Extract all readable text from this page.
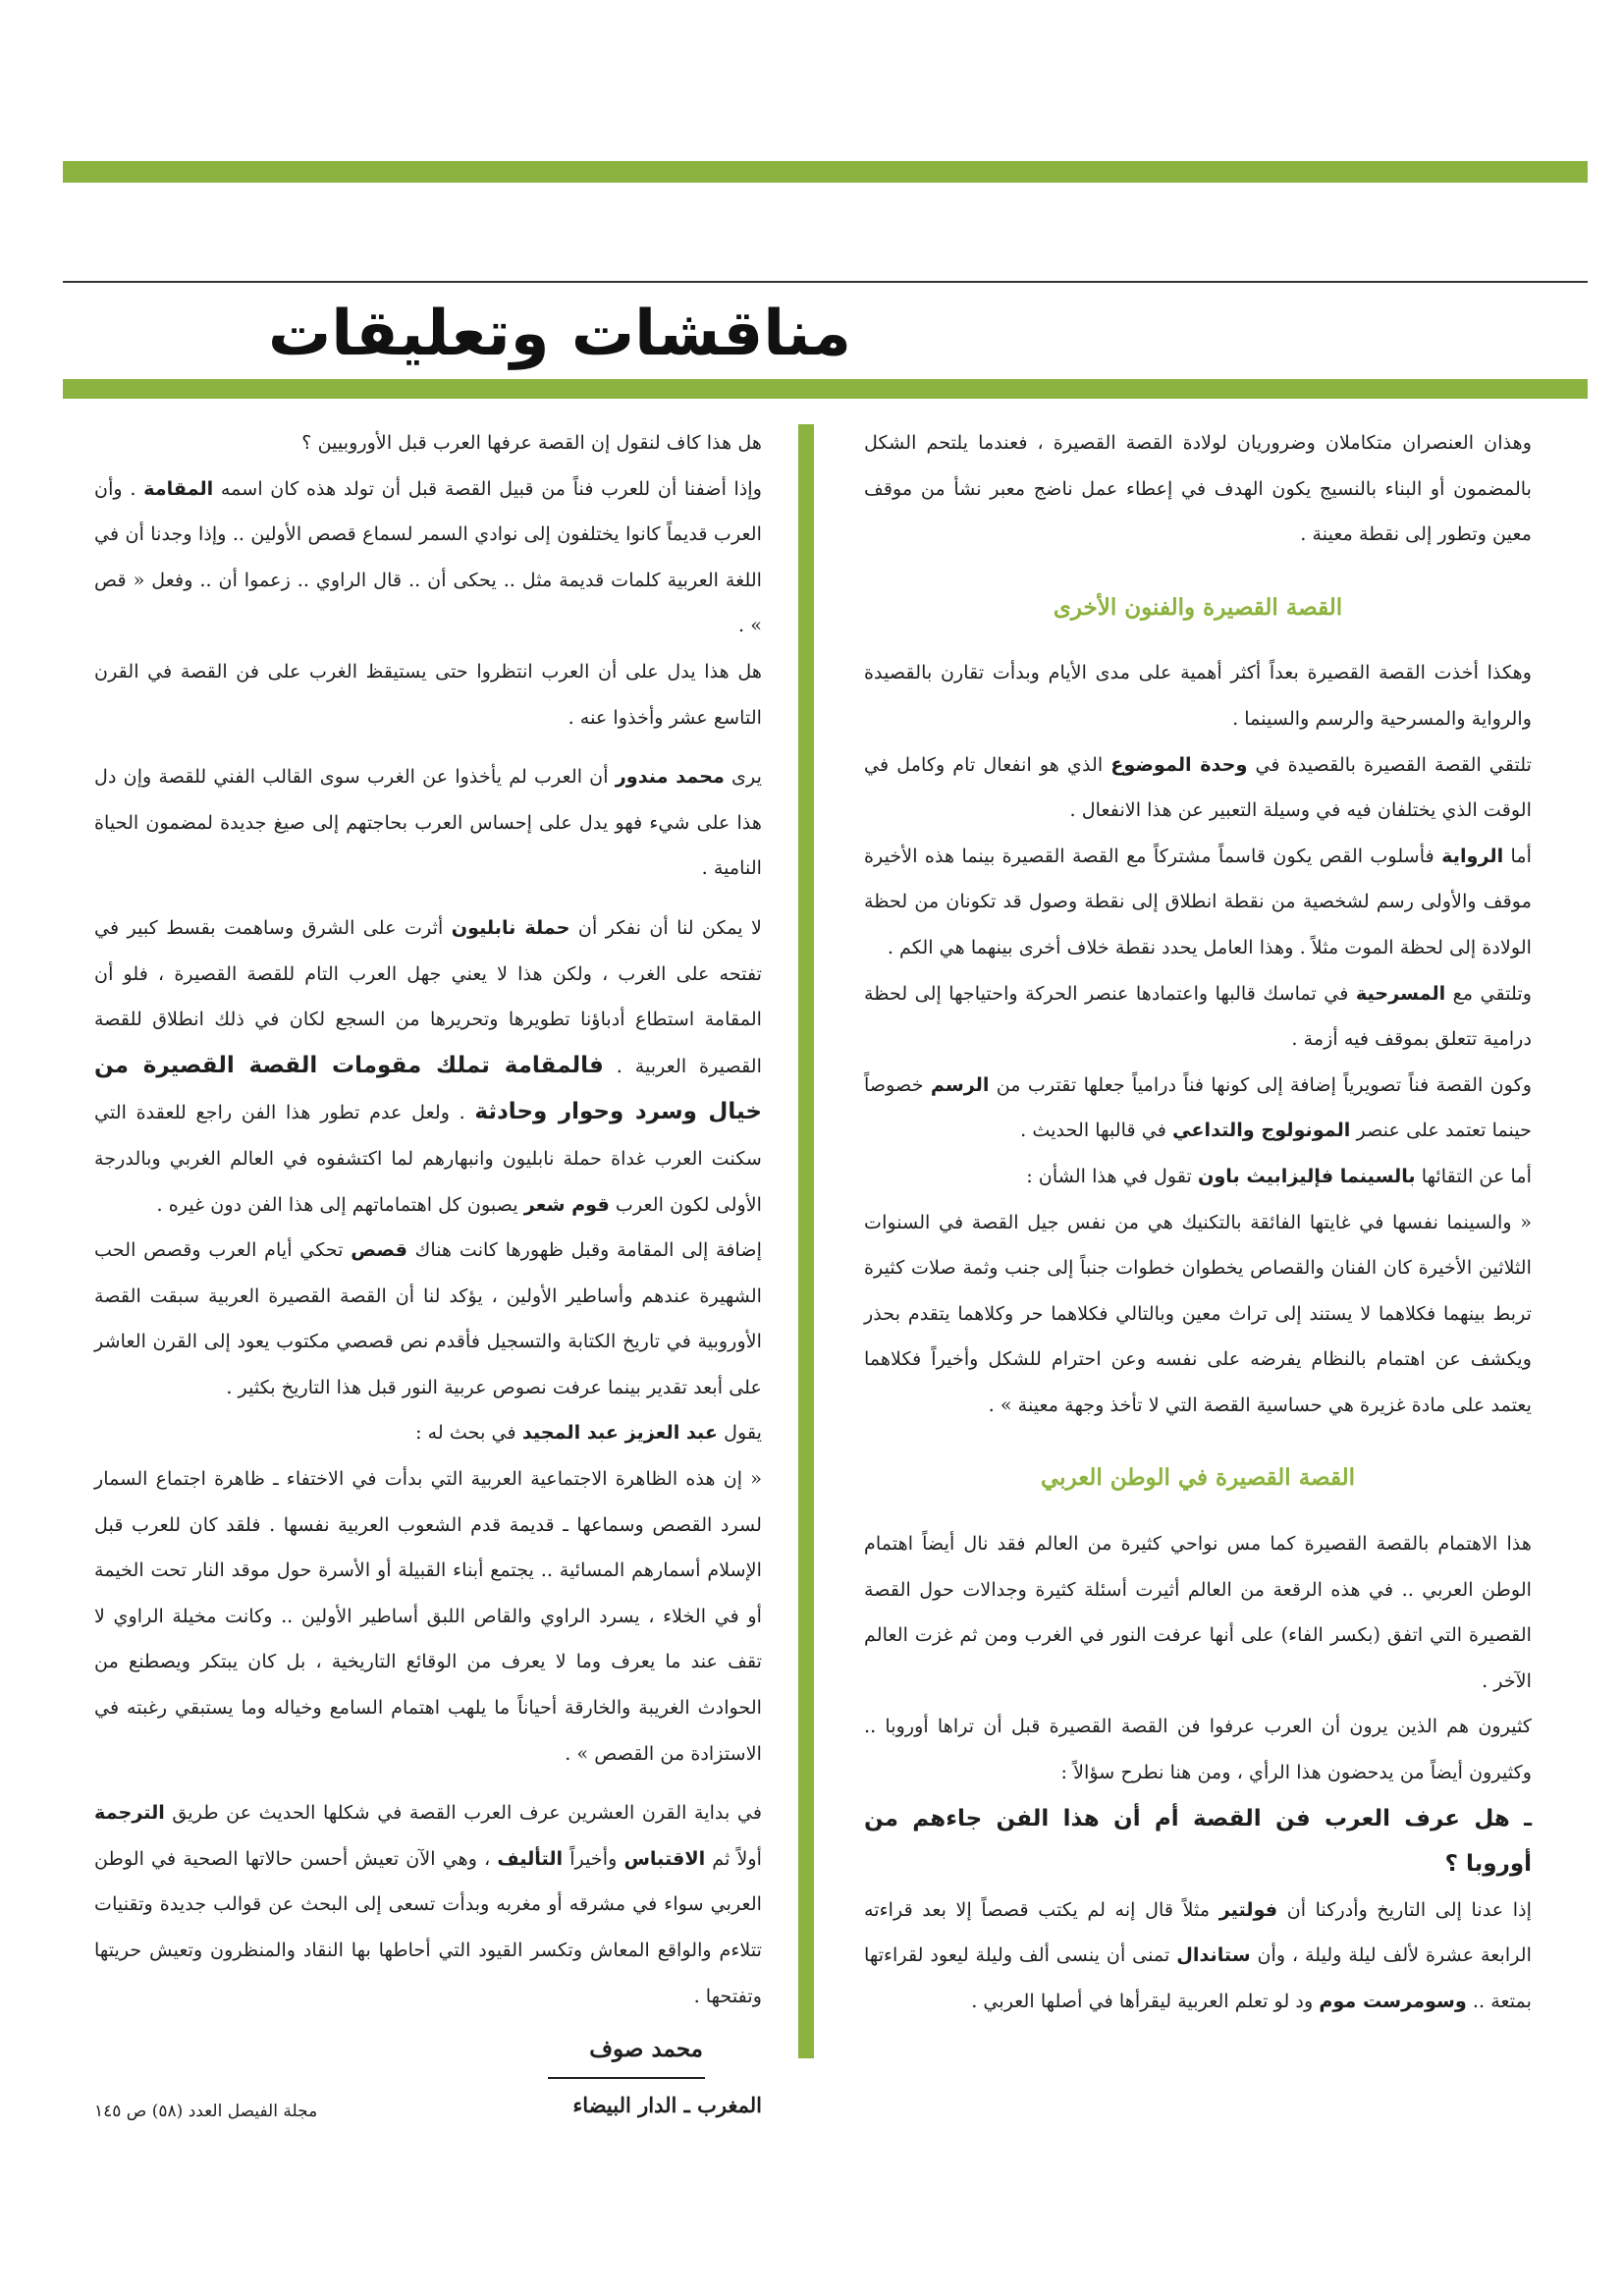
مناقشات وتعليقات

وهذان العنصران متكاملان وضروريان لولادة القصة القصيرة ، فعندما يلتحم الشكل بالمضمون أو البناء بالنسيج يكون الهدف في إعطاء عمل ناضج معبر نشأ من موقف معين وتطور إلى نقطة معينة .

القصة القصيرة والفنون الأخرى

وهكذا أخذت القصة القصيرة بعداً أكثر أهمية على مدى الأيام وبدأت تقارن بالقصيدة والرواية والمسرحية والرسم والسينما .

تلتقي القصة القصيرة بالقصيدة في وحدة الموضوع الذي هو انفعال تام وكامل في الوقت الذي يختلفان فيه في وسيلة التعبير عن هذا الانفعال .

أما الرواية فأسلوب القص يكون قاسماً مشتركاً مع القصة القصيرة بينما هذه الأخيرة موقف والأولى رسم لشخصية من نقطة انطلاق إلى نقطة وصول قد تكونان من لحظة الولادة إلى لحظة الموت مثلاً . وهذا العامل يحدد نقطة خلاف أخرى بينهما هي الكم .

وتلتقي مع المسرحية في تماسك قالبها واعتمادها عنصر الحركة واحتياجها إلى لحظة درامية تتعلق بموقف فيه أزمة .

وكون القصة فناً تصويرياً إضافة إلى كونها فناً درامياً جعلها تقترب من الرسم خصوصاً حينما تعتمد على عنصر المونولوج والتداعي في قالبها الحديث .

أما عن التقائها بالسينما فإليزابيث باون تقول في هذا الشأن :

« والسينما نفسها في غايتها الفائقة بالتكنيك هي من نفس جيل القصة في السنوات الثلاثين الأخيرة كان الفنان والقصاص يخطوان خطوات جنباً إلى جنب وثمة صلات كثيرة تربط بينهما فكلاهما لا يستند إلى تراث معين وبالتالي فكلاهما حر وكلاهما يتقدم بحذر ويكشف عن اهتمام بالنظام يفرضه على نفسه وعن احترام للشكل وأخيراً فكلاهما يعتمد على مادة غزيرة هي حساسية القصة التي لا تأخذ وجهة معينة » .

القصة القصيرة في الوطن العربي

هذا الاهتمام بالقصة القصيرة كما مس نواحي كثيرة من العالم فقد نال أيضاً اهتمام الوطن العربي .. في هذه الرقعة من العالم أثيرت أسئلة كثيرة وجدالات حول القصة القصيرة التي اتفق (بكسر الفاء) على أنها عرفت النور في الغرب ومن ثم غزت العالم الآخر .

كثيرون هم الذين يرون أن العرب عرفوا فن القصة القصيرة قبل أن تراها أوروبا .. وكثيرون أيضاً من يدحضون هذا الرأي ، ومن هنا نطرح سؤالاً :

ـ هل عرف العرب فن القصة أم أن هذا الفن جاءهم من أوروبا ؟

إذا عدنا إلى التاريخ وأدركنا أن فولتير مثلاً قال إنه لم يكتب قصصاً إلا بعد قراءته الرابعة عشرة لألف ليلة وليلة ، وأن ستاندال تمنى أن ينسى ألف وليلة ليعود لقراءتها بمتعة .. وسومرست موم ود لو تعلم العربية ليقرأها في أصلها العربي .

هل هذا كاف لنقول إن القصة عرفها العرب قبل الأوروبيين ؟

وإذا أضفنا أن للعرب فناً من قبيل القصة قبل أن تولد هذه كان اسمه المقامة . وأن العرب قديماً كانوا يختلفون إلى نوادي السمر لسماع قصص الأولين .. وإذا وجدنا أن في اللغة العربية كلمات قديمة مثل .. يحكى أن .. قال الراوي .. زعموا أن .. وفعل « قص » .

هل هذا يدل على أن العرب انتظروا حتى يستيقظ الغرب على فن القصة في القرن التاسع عشر وأخذوا عنه .

يرى محمد مندور أن العرب لم يأخذوا عن الغرب سوى القالب الفني للقصة وإن دل هذا على شيء فهو يدل على إحساس العرب بحاجتهم إلى صيغ جديدة لمضمون الحياة النامية .

لا يمكن لنا أن نفكر أن حملة نابليون أثرت على الشرق وساهمت بقسط كبير في تفتحه على الغرب ، ولكن هذا لا يعني جهل العرب التام للقصة القصيرة ، فلو أن المقامة استطاع أدباؤنا تطويرها وتحريرها من السجع لكان في ذلك انطلاق للقصة القصيرة العربية . فالمقامة تملك مقومات القصة القصيرة من خيال وسرد وحوار وحادثة . ولعل عدم تطور هذا الفن راجع للعقدة التي سكنت العرب غداة حملة نابليون وانبهارهم لما اكتشفوه في العالم الغربي وبالدرجة الأولى لكون العرب قوم شعر يصبون كل اهتماماتهم إلى هذا الفن دون غيره .

إضافة إلى المقامة وقبل ظهورها كانت هناك قصص تحكي أيام العرب وقصص الحب الشهيرة عندهم وأساطير الأولين ، يؤكد لنا أن القصة القصيرة العربية سبقت القصة الأوروبية في تاريخ الكتابة والتسجيل فأقدم نص قصصي مكتوب يعود إلى القرن العاشر على أبعد تقدير بينما عرفت نصوص عربية النور قبل هذا التاريخ بكثير .

يقول عبد العزيز عبد المجيد في بحث له :

« إن هذه الظاهرة الاجتماعية العربية التي بدأت في الاختفاء ـ ظاهرة اجتماع السمار لسرد القصص وسماعها ـ قديمة قدم الشعوب العربية نفسها . فلقد كان للعرب قبل الإسلام أسمارهم المسائية .. يجتمع أبناء القبيلة أو الأسرة حول موقد النار تحت الخيمة أو في الخلاء ، يسرد الراوي والقاص اللبق أساطير الأولين .. وكانت مخيلة الراوي لا تقف عند ما يعرف وما لا يعرف من الوقائع التاريخية ، بل كان يبتكر ويصطنع من الحوادث الغريبة والخارقة أحياناً ما يلهب اهتمام السامع وخياله وما يستبقي رغبته في الاستزادة من القصص » .

في بداية القرن العشرين عرف العرب القصة في شكلها الحديث عن طريق الترجمة أولاً ثم الاقتباس وأخيراً التأليف ، وهي الآن تعيش أحسن حالاتها الصحية في الوطن العربي سواء في مشرقه أو مغربه وبدأت تسعى إلى البحث عن قوالب جديدة وتقنيات تتلاءم والواقع المعاش وتكسر القيود التي أحاطها بها النقاد والمنظرون وتعيش حريتها وتفتحها .

محمد صوف
المغرب ـ الدار البيضاء
مجلة الفيصل العدد (٥٨) ص ١٤٥
